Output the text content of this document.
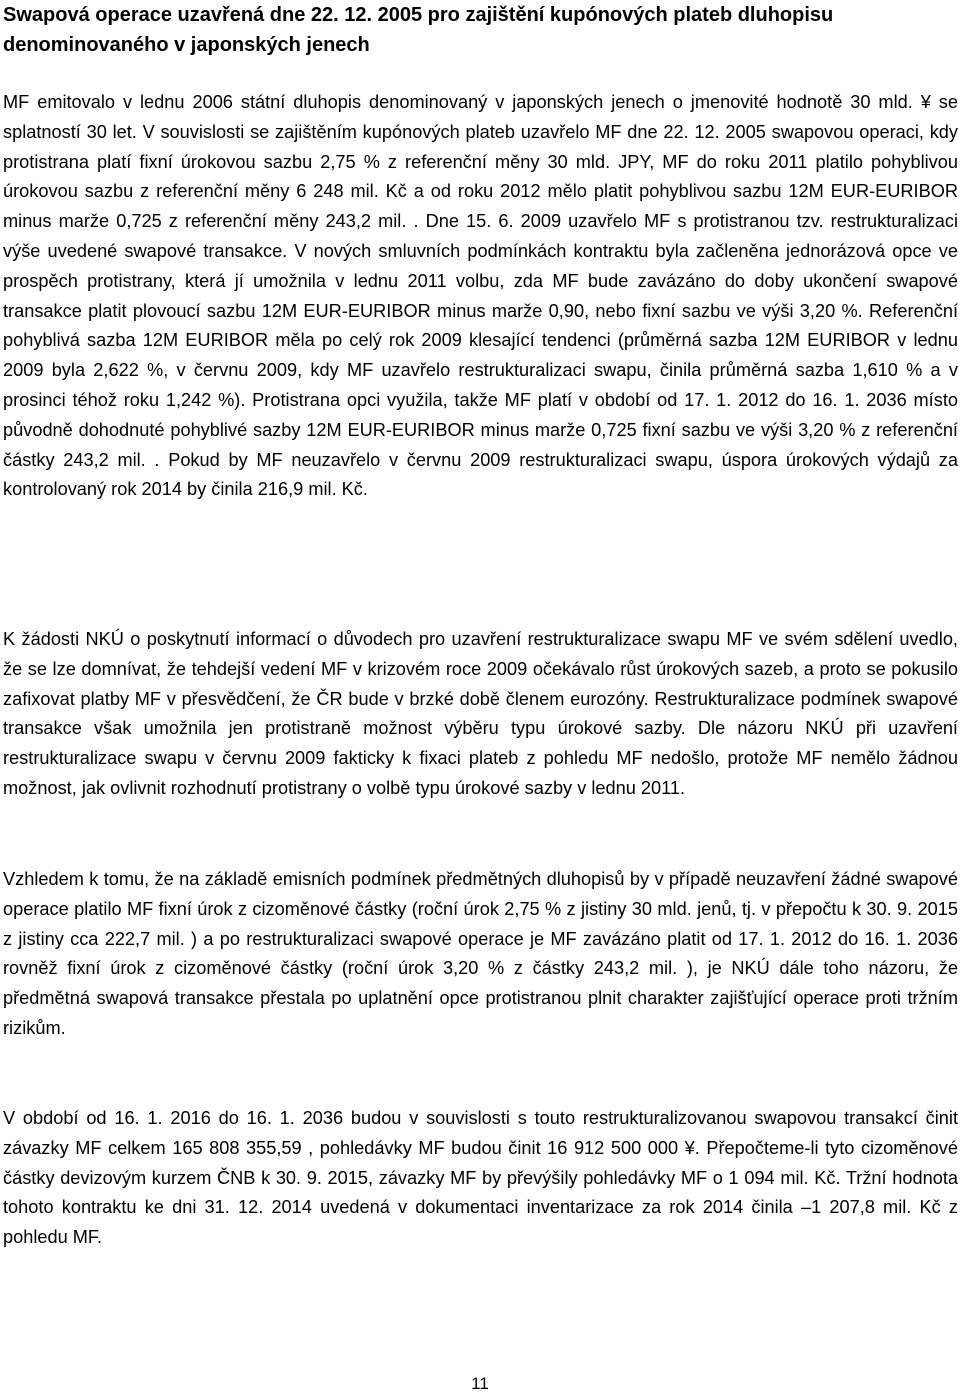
Swapová operace uzavřená dne 22. 12. 2005 pro zajištění kupónových plateb dluhopisu denominovaného v japonských jenech

MF emitovalo v lednu 2006 státní dluhopis denominovaný v japonských jenech o jmenovité hodnotě 30 mld. ¥ se splatností 30 let. V souvislosti se zajištěním kupónových plateb uzavřelo MF dne 22. 12. 2005 swapovou operaci, kdy protistrana platí fixní úrokovou sazbu 2,75 % z referenční měny 30 mld. JPY, MF do roku 2011 platilo pohyblivou úrokovou sazbu z referenční měny 6 248 mil. Kč a od roku 2012 mělo platit pohyblivou sazbu 12M EUR-EURIBOR minus marže 0,725 z referenční měny 243,2 mil. . Dne 15. 6. 2009 uzavřelo MF s protistranou tzv. restrukturalizaci výše uvedené swapové transakce. V nových smluvních podmínkách kontraktu byla začleněna jednorázová opce ve prospěch protistrany, která jí umožnila v lednu 2011 volbu, zda MF bude zavázáno do doby ukončení swapové transakce platit plovoucí sazbu 12M EUR-EURIBOR minus marže 0,90, nebo fixní sazbu ve výši 3,20 %. Referenční pohyblivá sazba 12M EURIBOR měla po celý rok 2009 klesající tendenci (průměrná sazba 12M EURIBOR v lednu 2009 byla 2,622 %, v červnu 2009, kdy MF uzavřelo restrukturalizaci swapu, činila průměrná sazba 1,610 % a v prosinci téhož roku 1,242 %). Protistrana opci využila, takže MF platí v období od 17. 1. 2012 do 16. 1. 2036 místo původně dohodnuté pohyblivé sazby 12M EUR-EURIBOR minus marže 0,725 fixní sazbu ve výši 3,20 % z referenční částky 243,2 mil. . Pokud by MF neuzavřelo v červnu 2009 restrukturalizaci swapu, úspora úrokových výdajů za kontrolovaný rok 2014 by činila 216,9 mil. Kč.

K žádosti NKÚ o poskytnutí informací o důvodech pro uzavření restrukturalizace swapu MF ve svém sdělení uvedlo, že se lze domnívat, že tehdejší vedení MF v krizovém roce 2009 očekávalo růst úrokových sazeb, a proto se pokusilo zafixovat platby MF v přesvědčení, že ČR bude v brzké době členem eurozóny. Restrukturalizace podmínek swapové transakce však umožnila jen protistraně možnost výběru typu úrokové sazby. Dle názoru NKÚ při uzavření restrukturalizace swapu v červnu 2009 fakticky k fixaci plateb z pohledu MF nedošlo, protože MF nemělo žádnou možnost, jak ovlivnit rozhodnutí protistrany o volbě typu úrokové sazby v lednu 2011.

Vzhledem k tomu, že na základě emisních podmínek předmětných dluhopisů by v případě neuzavření žádné swapové operace platilo MF fixní úrok z cizoměnové částky (roční úrok 2,75 % z jistiny 30 mld. jenů, tj. v přepočtu k 30. 9. 2015 z jistiny cca 222,7 mil. ) a po restrukturalizaci swapové operace je MF zavázáno platit od 17. 1. 2012 do 16. 1. 2036 rovněž fixní úrok z cizoměnové částky (roční úrok 3,20 % z částky 243,2 mil. ), je NKÚ dále toho názoru, že předmětná swapová transakce přestala po uplatnění opce protistranou plnit charakter zajišťující operace proti tržním rizikům.

V období od 16. 1. 2016 do 16. 1. 2036 budou v souvislosti s touto restrukturalizovanou swapovou transakcí činit závazky MF celkem 165 808 355,59 , pohledávky MF budou činit 16 912 500 000 ¥. Přepočteme-li tyto cizoměnové částky devizovým kurzem ČNB k 30. 9. 2015, závazky MF by převýšily pohledávky MF o 1 094 mil. Kč. Tržní hodnota tohoto kontraktu ke dni 31. 12. 2014 uvedená v dokumentaci inventarizace za rok 2014 činila –1 207,8 mil. Kč z pohledu MF.

11
